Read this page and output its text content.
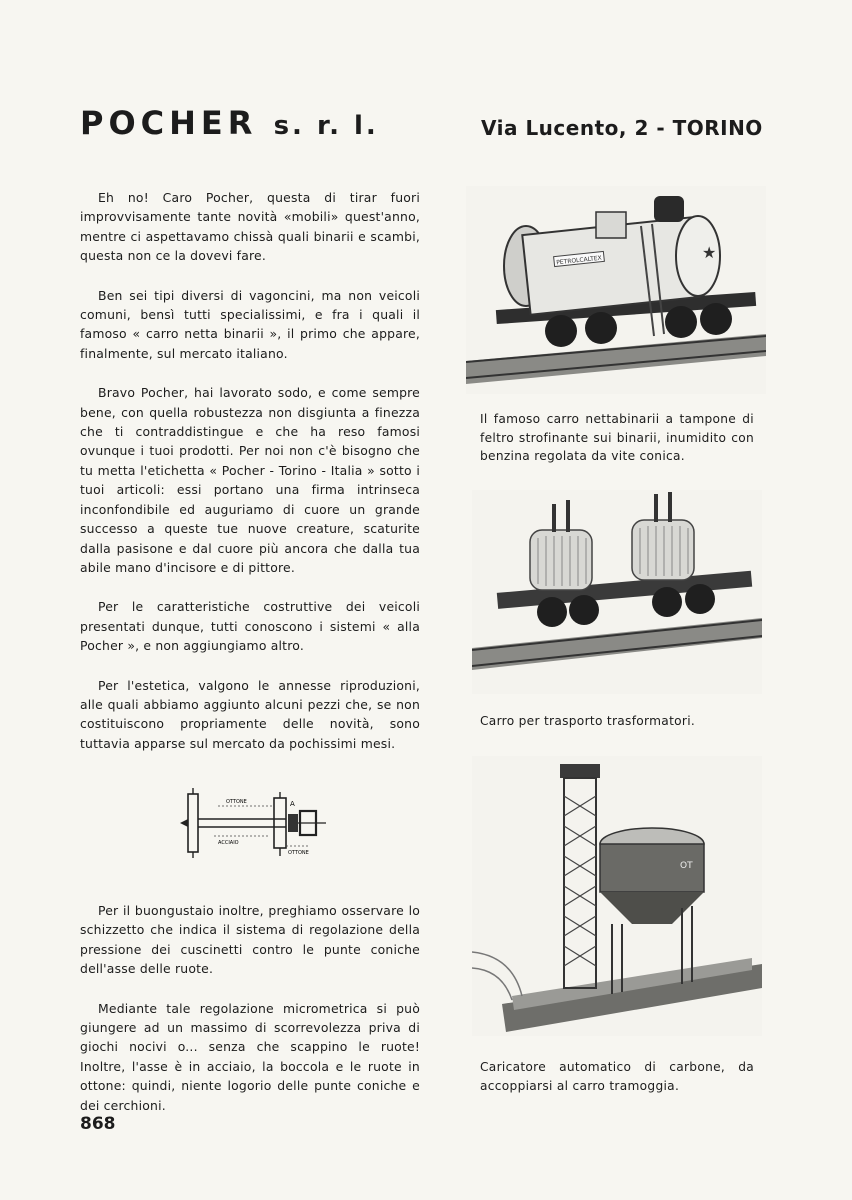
POCHER s. r. l.	Via Lucento, 2 - TORINO

Eh no! Caro Pocher, questa di tirar fuori improvvisamente tante novità «mobili» quest'anno, mentre ci aspettavamo chissà quali binarii e scambi, questa non ce la dovevi fare.

Ben sei tipi diversi di vagoncini, ma non veicoli comuni, bensì tutti specialissimi, e fra i quali il famoso « carro netta binarii », il primo che appare, finalmente, sul mercato italiano.

Bravo Pocher, hai lavorato sodo, e come sempre bene, con quella robustezza non disgiunta a finezza che ti contraddistingue e che ha reso famosi ovunque i tuoi prodotti. Per noi non c'è bisogno che tu metta l'etichetta « Pocher - Torino - Italia » sotto i tuoi articoli: essi portano una firma intrinseca inconfondibile ed auguriamo di cuore un grande successo a queste tue nuove creature, scaturite dalla pasisone e dal cuore più ancora che dalla tua abile mano d'incisore e di pittore.

Per le caratteristiche costruttive dei veicoli presentati dunque, tutti conoscono i sistemi « alla Pocher », e non aggiungiamo altro.

Per l'estetica, valgono le annesse riproduzioni, alle quali abbiamo aggiunto alcuni pezzi che, se non costituiscono propriamente delle novità, sono tuttavia apparse sul mercato da pochissimi mesi.

OTTONE	A
ACCIAIO
OTTONE

Per il buongustaio inoltre, preghiamo osservare lo schizzetto che indica il sistema di regolazione della pressione dei cuscinetti contro le punte coniche dell'asse delle ruote.

Mediante tale regolazione micrometrica si può giungere ad un massimo di scorrevolezza priva di giochi nocivi o... senza che scappino le ruote! Inoltre, l'asse è in acciaio, la boccola e le ruote in ottone: quindi, niente logorio delle punte coniche e dei cerchioni.

PETROLCALTEX	★
Il famoso carro nettabinarii a tampone di feltro strofinante sui binarii, inumidito con benzina regolata da vite conica.
Carro per trasporto trasformatori.
OT
Caricatore automatico di carbone, da accoppiarsi al carro tramoggia.
868
